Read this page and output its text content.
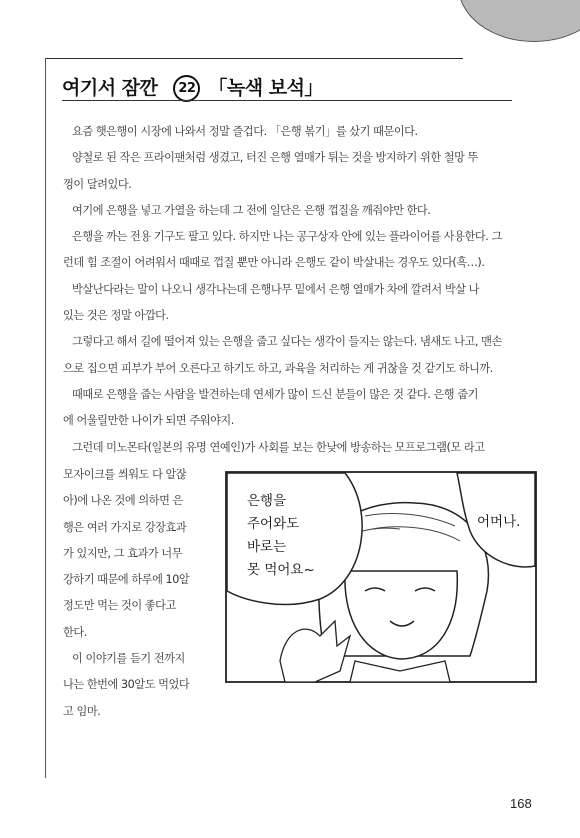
여기서 잠깐 22 「녹색 보석」

요즘 햇은행이 시장에 나와서 정말 즐겁다. 「은행 볶기」를 샀기 때문이다.

양철로 된 작은 프라이팬처럼 생겼고, 터진 은행 열매가 튀는 것을 방지하기 위한 철망 뚜
껑이 달려있다.

여기에 은행을 넣고 가열을 하는데 그 전에 일단은 은행 껍질을 깨줘야만 한다.

은행을 까는 전용 기구도 팔고 있다. 하지만 나는 공구상자 안에 있는 플라이어를 사용한다. 그
런데 힘 조절이 어려워서 때때로 껍질 뿐만 아니라 은행도 같이 박살내는 경우도 있다(흑…).

박살난다라는 말이 나오니 생각나는데 은행나무 밑에서 은행 열매가 차에 깔려서 박살 나
있는 것은 정말 아깝다.

그렇다고 해서 길에 떨어져 있는 은행을 줍고 싶다는 생각이 들지는 않는다. 냄새도 나고, 맨손
으로 집으면 피부가 부어 오른다고 하기도 하고, 과육을 처리하는 게 귀찮을 것 같기도 하니까.

때때로 은행을 줍는 사람을 발견하는데 연세가 많이 드신 분들이 많은 것 같다. 은행 줍기
에 어울릴만한 나이가 되면 주워야지.

그런데 미노몬타(일본의 유명 연예인)가 사회를 보는 한낮에 방송하는 모프로그램(모 라고

모자이크를 씌워도 다 알잖
아)에 나온 것에 의하면 은
행은 여러 가지로 강장효과
가 있지만, 그 효과가 너무
강하기 때문에 하루에 10알
정도만 먹는 것이 좋다고
한다.
이 이야기를 듣기 전까지
나는 한번에 30알도 먹었다
고 임마.
은행을
주어와도
바로는
못 먹어요~
어머나.
168
